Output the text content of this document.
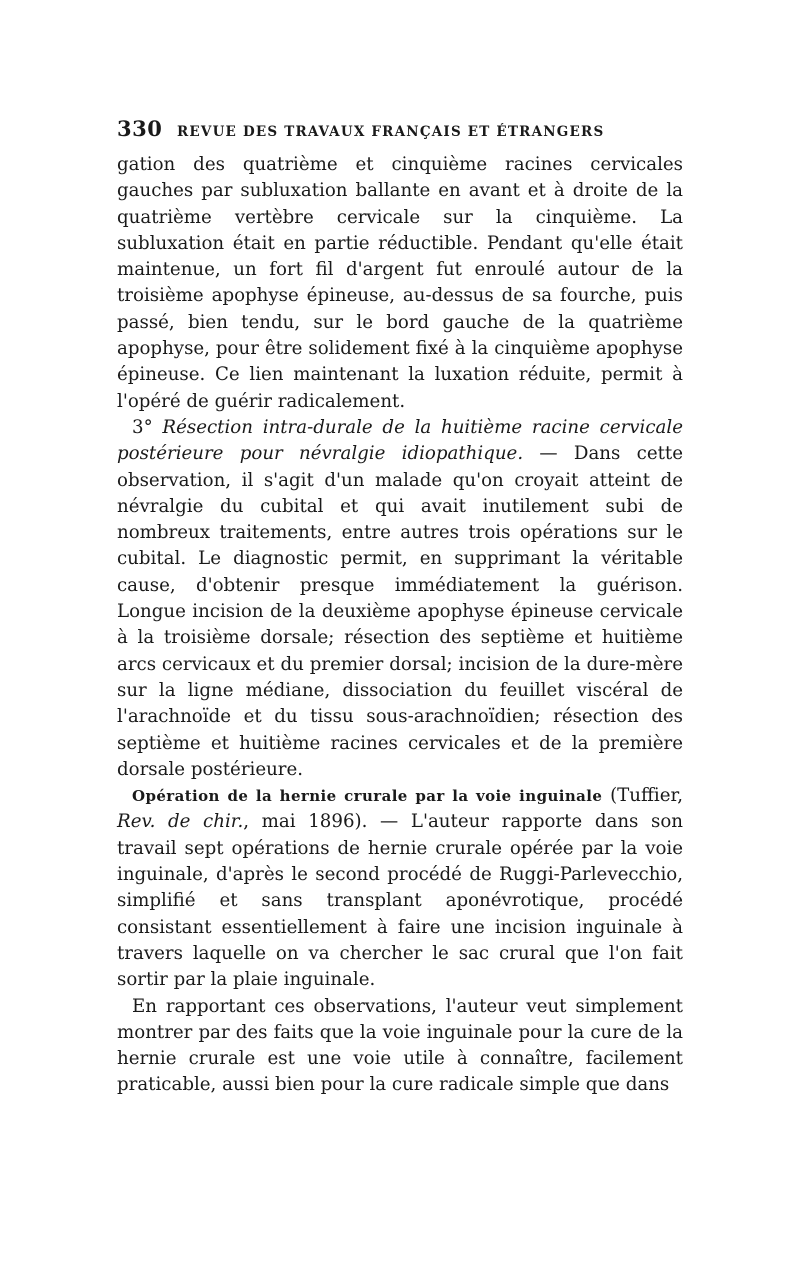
330	REVUE DES TRAVAUX FRANÇAIS ET ÉTRANGERS

gation des quatrième et cinquième racines cervicales gauches par subluxation ballante en avant et à droite de la quatrième vertèbre cervicale sur la cinquième. La subluxation était en partie réductible. Pendant qu'elle était maintenue, un fort fil d'argent fut enroulé autour de la troisième apophyse épineuse, au-dessus de sa fourche, puis passé, bien tendu, sur le bord gauche de la quatrième apophyse, pour être solidement fixé à la cinquième apophyse épineuse. Ce lien maintenant la luxation réduite, permit à l'opéré de guérir radicalement.

3° Résection intra-durale de la huitième racine cervicale postérieure pour névralgie idiopathique. — Dans cette observation, il s'agit d'un malade qu'on croyait atteint de névralgie du cubital et qui avait inutilement subi de nombreux traitements, entre autres trois opérations sur le cubital. Le diagnostic permit, en supprimant la véritable cause, d'obtenir presque immédiatement la guérison. Longue incision de la deuxième apophyse épineuse cervicale à la troisième dorsale; résection des septième et huitième arcs cervicaux et du premier dorsal; incision de la dure-mère sur la ligne médiane, dissociation du feuillet viscéral de l'arachnoïde et du tissu sous-arachnoïdien; résection des septième et huitième racines cervicales et de la première dorsale postérieure.

Opération de la hernie crurale par la voie inguinale (Tuffier, Rev. de chir., mai 1896). — L'auteur rapporte dans son travail sept opérations de hernie crurale opérée par la voie inguinale, d'après le second procédé de Ruggi-Parlevecchio, simplifié et sans transplant aponévrotique, procédé consistant essentiellement à faire une incision inguinale à travers laquelle on va chercher le sac crural que l'on fait sortir par la plaie inguinale.

En rapportant ces observations, l'auteur veut simplement montrer par des faits que la voie inguinale pour la cure de la hernie crurale est une voie utile à connaître, facilement praticable, aussi bien pour la cure radicale simple que dans
